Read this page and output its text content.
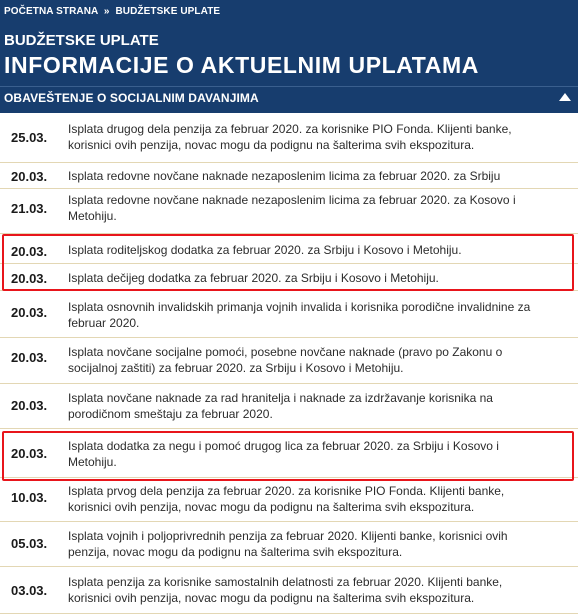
POČETNA STRANA » BUDŽETSKE UPLATE
BUDŽETSKE UPLATE
INFORMACIJE O AKTUELNIM UPLATAMA
OBAVEŠTENJE O SOCIJALNIM DAVANJIMA
25.03.
Isplata drugog dela penzija za februar 2020. za korisnike PIO Fonda. Klijenti banke, korisnici ovih penzija, novac mogu da podignu na šalterima svih ekspozitura.
20.03. Isplata redovne novčane naknade nezaposlenim licima za februar 2020. za Srbiju
21.03.
Isplata redovne novčane naknade nezaposlenim licima za februar 2020. za Kosovo i Metohiju.
20.03. Isplata roditeljskog dodatka za februar 2020. za Srbiju i Kosovo i Metohiju.
20.03. Isplata dečijeg dodatka za februar 2020. za Srbiju i Kosovo i Metohiju.
20.03. Isplata osnovnih invalidskih primanja vojnih invalida i korisnika porodične invalidnine za februar 2020.
20.03. Isplata novčane socijalne pomoći, posebne novčane naknade (pravo po Zakonu o socijalnoj zaštiti) za februar 2020. za Srbiju i Kosovo i Metohiju.
20.03. Isplata novčane naknade za rad hranitelja i naknade za izdržavanje korisnika na porodičnom smeštaju za februar 2020.
20.03. Isplata dodatka za negu i pomoć drugog lica za februar 2020. za Srbiju i Kosovo i Metohiju.
10.03. Isplata prvog dela penzija za februar 2020. za korisnike PIO Fonda. Klijenti banke, korisnici ovih penzija, novac mogu da podignu na šalterima svih ekspozitura.
05.03. Isplata vojnih i poljoprivrednih penzija za februar 2020. Klijenti banke, korisnici ovih penzija, novac mogu da podignu na šalterima svih ekspozitura.
03.03.
Isplata penzija za korisnike samostalnih delatnosti za februar 2020. Klijenti banke, korisnici ovih penzija, novac mogu da podignu na šalterima svih ekspozitura.
